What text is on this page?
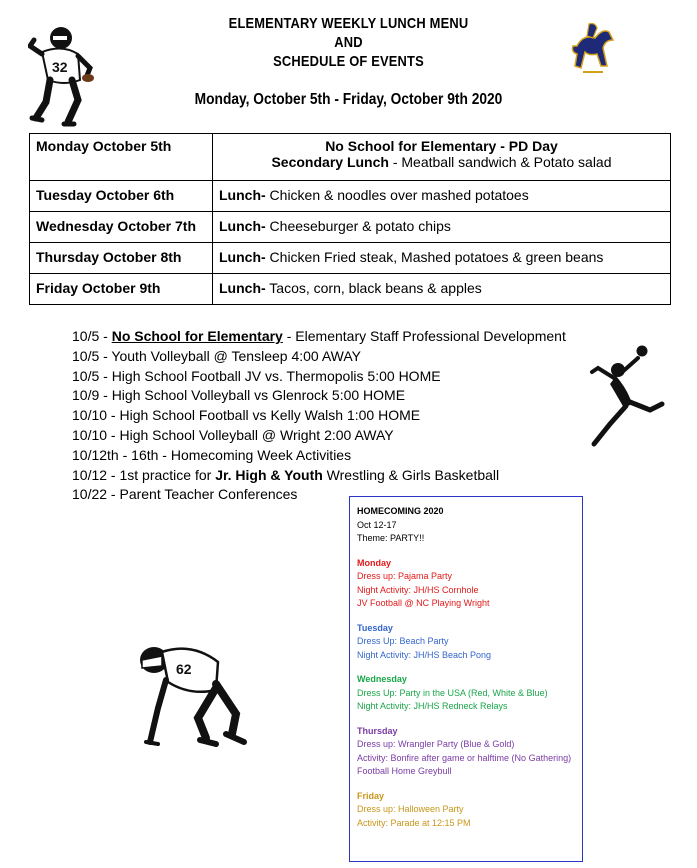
ELEMENTARY WEEKLY LUNCH MENU
AND
SCHEDULE OF EVENTS
Monday, October 5th - Friday, October 9th 2020
32
Monday October 5th	No School for Elementary - PD Day
Secondary Lunch - Meatball sandwich & Potato salad

Tuesday October 6th	Lunch- Chicken & noodles over mashed potatoes
Wednesday October 7th	Lunch- Cheeseburger & potato chips
Thursday October 8th	Lunch- Chicken Fried steak, Mashed potatoes & green beans
Friday October 9th	Lunch- Tacos, corn, black beans & apples
10/5 - No School for Elementary - Elementary Staff Professional Development
10/5 - Youth Volleyball @ Tensleep 4:00 AWAY
10/5 - High School Football JV vs. Thermopolis 5:00 HOME
10/9 - High School Volleyball vs Glenrock 5:00 HOME
10/10 - High School Football vs Kelly Walsh 1:00 HOME
10/10 - High School Volleyball @ Wright 2:00 AWAY
10/12th - 16th - Homecoming Week Activities
10/12 - 1st practice for Jr. High & Youth Wrestling & Girls Basketball
10/22 - Parent Teacher Conferences
62
HOMECOMING 2020
Oct 12-17
Theme: PARTY!!
Monday
Dress up: Pajama Party
Night Activity: JH/HS Cornhole
JV Football @ NC Playing Wright
Tuesday
Dress Up: Beach Party
Night Activity: JH/HS Beach Pong
Wednesday
Dress Up: Party in the USA (Red, White & Blue)
Night Activity: JH/HS Redneck Relays
Thursday
Dress up: Wrangler Party (Blue & Gold)
Activity: Bonfire after game or halftime (No Gathering)
Football Home Greybull
Friday
Dress up: Halloween Party
Activity: Parade at 12:15 PM
